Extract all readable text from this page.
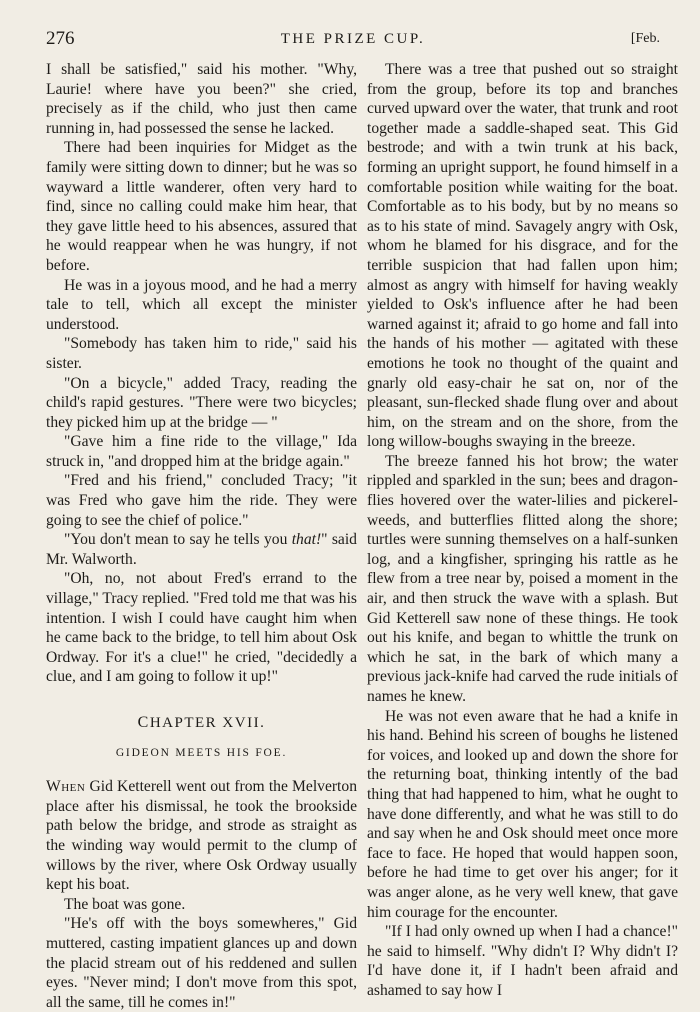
276	THE PRIZE CUP.	[Feb.

I shall be satisfied," said his mother. "Why, Laurie! where have you been?" she cried, precisely as if the child, who just then came running in, had possessed the sense he lacked.

There had been inquiries for Midget as the family were sitting down to dinner; but he was so wayward a little wanderer, often very hard to find, since no calling could make him hear, that they gave little heed to his absences, assured that he would reappear when he was hungry, if not before.

He was in a joyous mood, and he had a merry tale to tell, which all except the minister understood.

"Somebody has taken him to ride," said his sister.

"On a bicycle," added Tracy, reading the child's rapid gestures. "There were two bicycles; they picked him up at the bridge — "

"Gave him a fine ride to the village," Ida struck in, "and dropped him at the bridge again."

"Fred and his friend," concluded Tracy; "it was Fred who gave him the ride. They were going to see the chief of police."

"You don't mean to say he tells you that!" said Mr. Walworth.

"Oh, no, not about Fred's errand to the village," Tracy replied. "Fred told me that was his intention. I wish I could have caught him when he came back to the bridge, to tell him about Osk Ordway. For it's a clue!" he cried, "decidedly a clue, and I am going to follow it up!"

CHAPTER XVII.
GIDEON MEETS HIS FOE.

When Gid Ketterell went out from the Melverton place after his dismissal, he took the brookside path below the bridge, and strode as straight as the winding way would permit to the clump of willows by the river, where Osk Ordway usually kept his boat.

The boat was gone.

"He's off with the boys somewheres," Gid muttered, casting impatient glances up and down the placid stream out of his reddened and sullen eyes. "Never mind; I don't move from this spot, all the same, till he comes in!"

There was a tree that pushed out so straight from the group, before its top and branches curved upward over the water, that trunk and root together made a saddle-shaped seat. This Gid bestrode; and with a twin trunk at his back, forming an upright support, he found himself in a comfortable position while waiting for the boat. Comfortable as to his body, but by no means so as to his state of mind. Savagely angry with Osk, whom he blamed for his disgrace, and for the terrible suspicion that had fallen upon him; almost as angry with himself for having weakly yielded to Osk's influence after he had been warned against it; afraid to go home and fall into the hands of his mother — agitated with these emotions he took no thought of the quaint and gnarly old easy-chair he sat on, nor of the pleasant, sun-flecked shade flung over and about him, on the stream and on the shore, from the long willow-boughs swaying in the breeze.

The breeze fanned his hot brow; the water rippled and sparkled in the sun; bees and dragon-flies hovered over the water-lilies and pickerel-weeds, and butterflies flitted along the shore; turtles were sunning themselves on a half-sunken log, and a kingfisher, springing his rattle as he flew from a tree near by, poised a moment in the air, and then struck the wave with a splash. But Gid Ketterell saw none of these things. He took out his knife, and began to whittle the trunk on which he sat, in the bark of which many a previous jack-knife had carved the rude initials of names he knew.

He was not even aware that he had a knife in his hand. Behind his screen of boughs he listened for voices, and looked up and down the shore for the returning boat, thinking intently of the bad thing that had happened to him, what he ought to have done differently, and what he was still to do and say when he and Osk should meet once more face to face. He hoped that would happen soon, before he had time to get over his anger; for it was anger alone, as he very well knew, that gave him courage for the encounter.

"If I had only owned up when I had a chance!" he said to himself. "Why didn't I? Why didn't I? I'd have done it, if I hadn't been afraid and ashamed to say how I
